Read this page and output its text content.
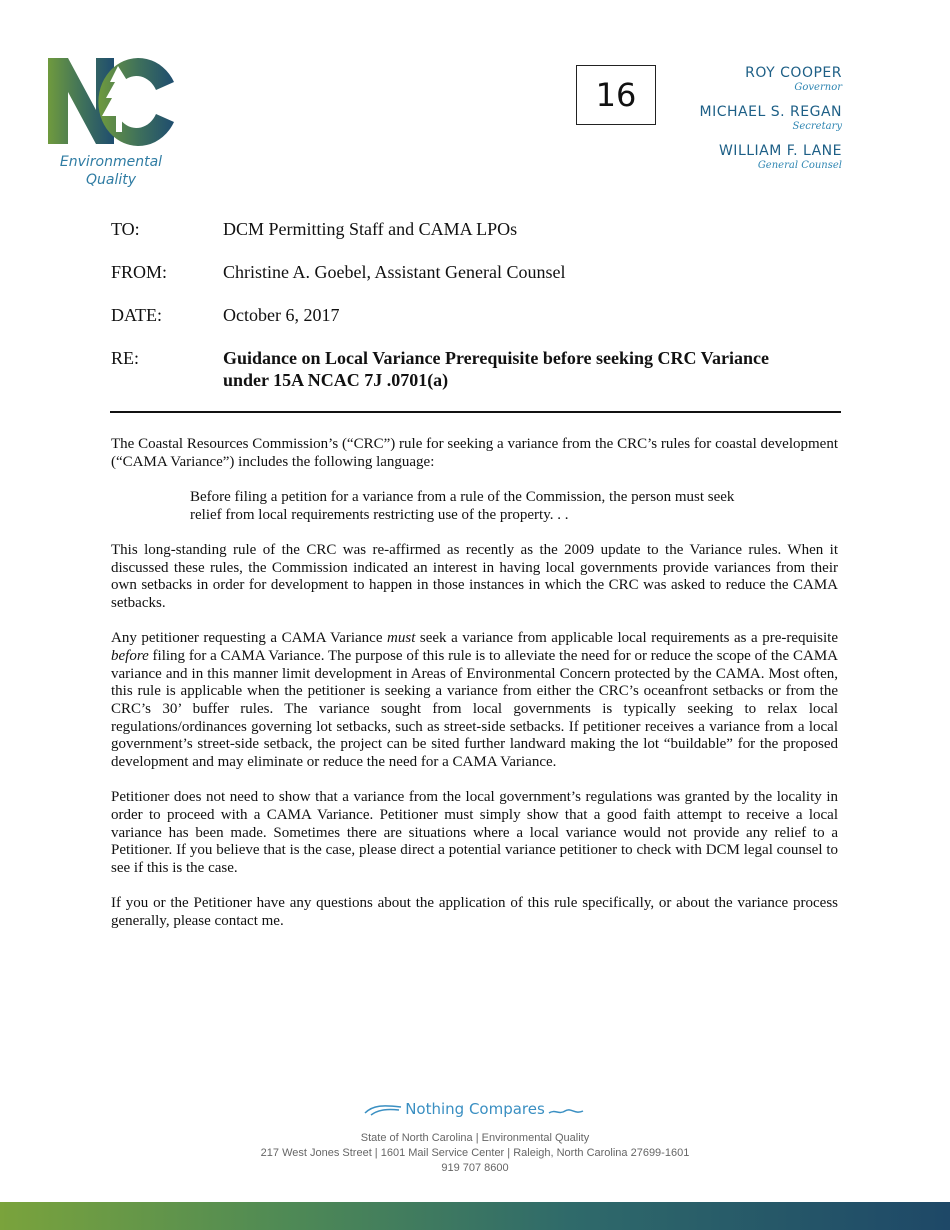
Environmental
Quality
16
ROY COOPER
Governor
MICHAEL S. REGAN
Secretary
WILLIAM F. LANE
General Counsel
TO:	DCM Permitting Staff and CAMA LPOs
FROM:	Christine A. Goebel, Assistant General Counsel
DATE:	October 6, 2017
RE:	Guidance on Local Variance Prerequisite before seeking CRC Variance
under 15A NCAC 7J .0701(a)

The Coastal Resources Commission’s (“CRC”) rule for seeking a variance from the CRC’s rules for coastal development (“CAMA Variance”) includes the following language:

Before filing a petition for a variance from a rule of the Commission, the person must seek
relief from local requirements restricting use of the property. . .

This long-standing rule of the CRC was re-affirmed as recently as the 2009 update to the Variance rules. When it discussed these rules, the Commission indicated an interest in having local governments provide variances from their own setbacks in order for development to happen in those instances in which the CRC was asked to reduce the CAMA setbacks.

Any petitioner requesting a CAMA Variance must seek a variance from applicable local requirements as a pre-requisite before filing for a CAMA Variance. The purpose of this rule is to alleviate the need for or reduce the scope of the CAMA variance and in this manner limit development in Areas of Environmental Concern protected by the CAMA. Most often, this rule is applicable when the petitioner is seeking a variance from either the CRC’s oceanfront setbacks or from the CRC’s 30’ buffer rules. The variance sought from local governments is typically seeking to relax local regulations/ordinances governing lot setbacks, such as street-side setbacks. If petitioner receives a variance from a local government’s street-side setback, the project can be sited further landward making the lot “buildable” for the proposed development and may eliminate or reduce the need for a CAMA Variance.

Petitioner does not need to show that a variance from the local government’s regulations was granted by the locality in order to proceed with a CAMA Variance. Petitioner must simply show that a good faith attempt to receive a local variance has been made. Sometimes there are situations where a local variance would not provide any relief to a Petitioner. If you believe that is the case, please direct a potential variance petitioner to check with DCM legal counsel to see if this is the case.

If you or the Petitioner have any questions about the application of this rule specifically, or about the variance process generally, please contact me.

Nothing Compares
State of North Carolina | Environmental Quality
217 West Jones Street | 1601 Mail Service Center | Raleigh, North Carolina 27699-1601
919 707 8600
